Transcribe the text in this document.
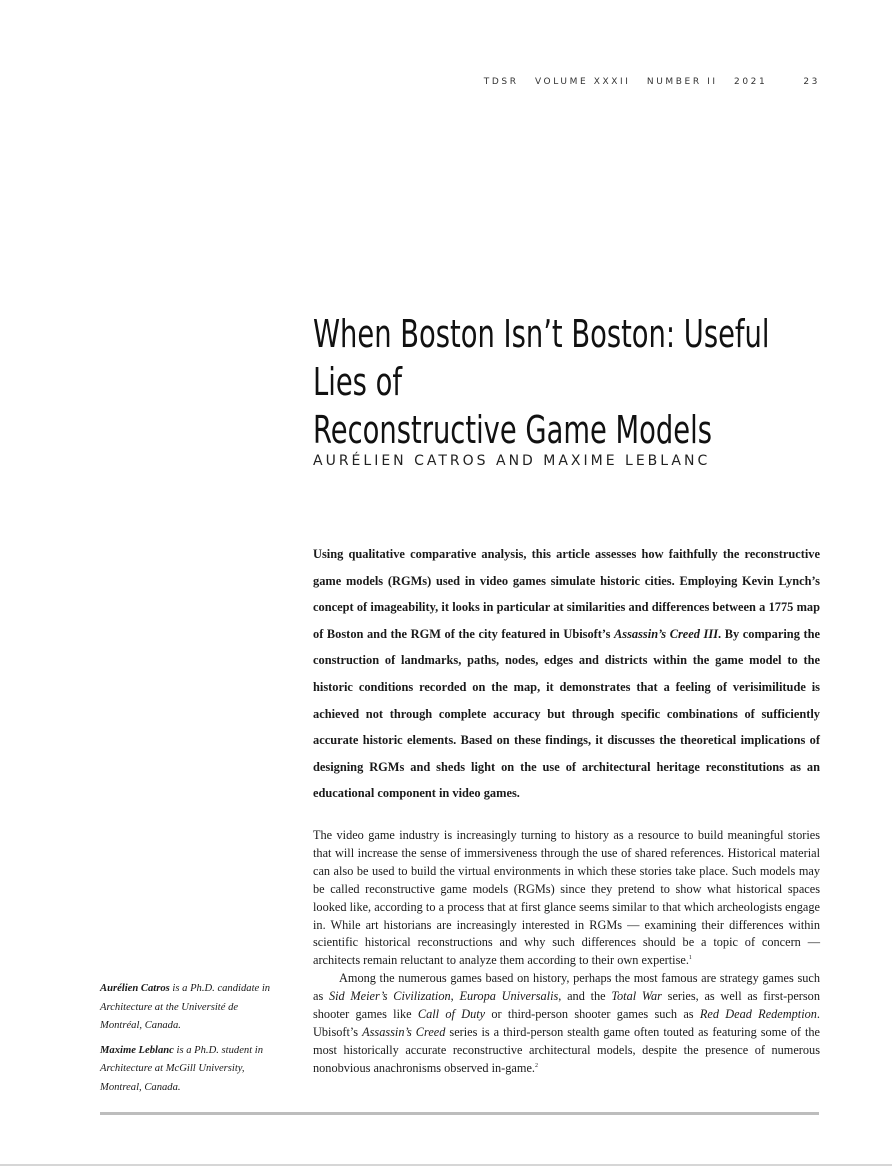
TDSR   VOLUME XXXII   NUMBER II   2021	23
When Boston Isn’t Boston: Useful Lies of
Reconstructive Game Models
AURÉLIEN CATROS AND MAXIME LEBLANC

Using qualitative comparative analysis, this article assesses how faithfully the reconstructive game models (RGMs) used in video games simulate historic cities. Employing Kevin Lynch’s concept of imageability, it looks in particular at similarities and differences between a 1775 map of Boston and the RGM of the city featured in Ubisoft’s Assassin’s Creed III. By comparing the construction of landmarks, paths, nodes, edges and districts within the game model to the historic conditions recorded on the map, it demonstrates that a feeling of verisimilitude is achieved not through complete accuracy but through specific combinations of sufficiently accurate historic elements. Based on these findings, it discusses the theoretical implications of designing RGMs and sheds light on the use of architectural heritage reconstitutions as an educational component in video games.

The video game industry is increasingly turning to history as a resource to build meaningful stories that will increase the sense of immersiveness through the use of shared references. Historical material can also be used to build the virtual environments in which these stories take place. Such models may be called reconstructive game models (RGMs) since they pretend to show what historical spaces looked like, according to a process that at first glance seems similar to that which archeologists engage in. While art historians are increasingly interested in RGMs — examining their differences within scientific historical reconstructions and why such differences should be a topic of concern — architects remain reluctant to analyze them according to their own expertise.$^1$

Among the numerous games based on history, perhaps the most famous are strategy games such as Sid Meier’s Civilization, Europa Universalis, and the Total War series, as well as first-person shooter games like Call of Duty or third-person shooter games such as Red Dead Redemption. Ubisoft’s Assassin’s Creed series is a third-person stealth game often touted as featuring some of the most historically accurate reconstructive architectural models, despite the presence of numerous nonobvious anachronisms observed in-game.$^2$

Aurélien Catros is a Ph.D. candidate in Architecture at the Université de Montréal, Canada.

Maxime Leblanc is a Ph.D. student in Architecture at McGill University, Montreal, Canada.
